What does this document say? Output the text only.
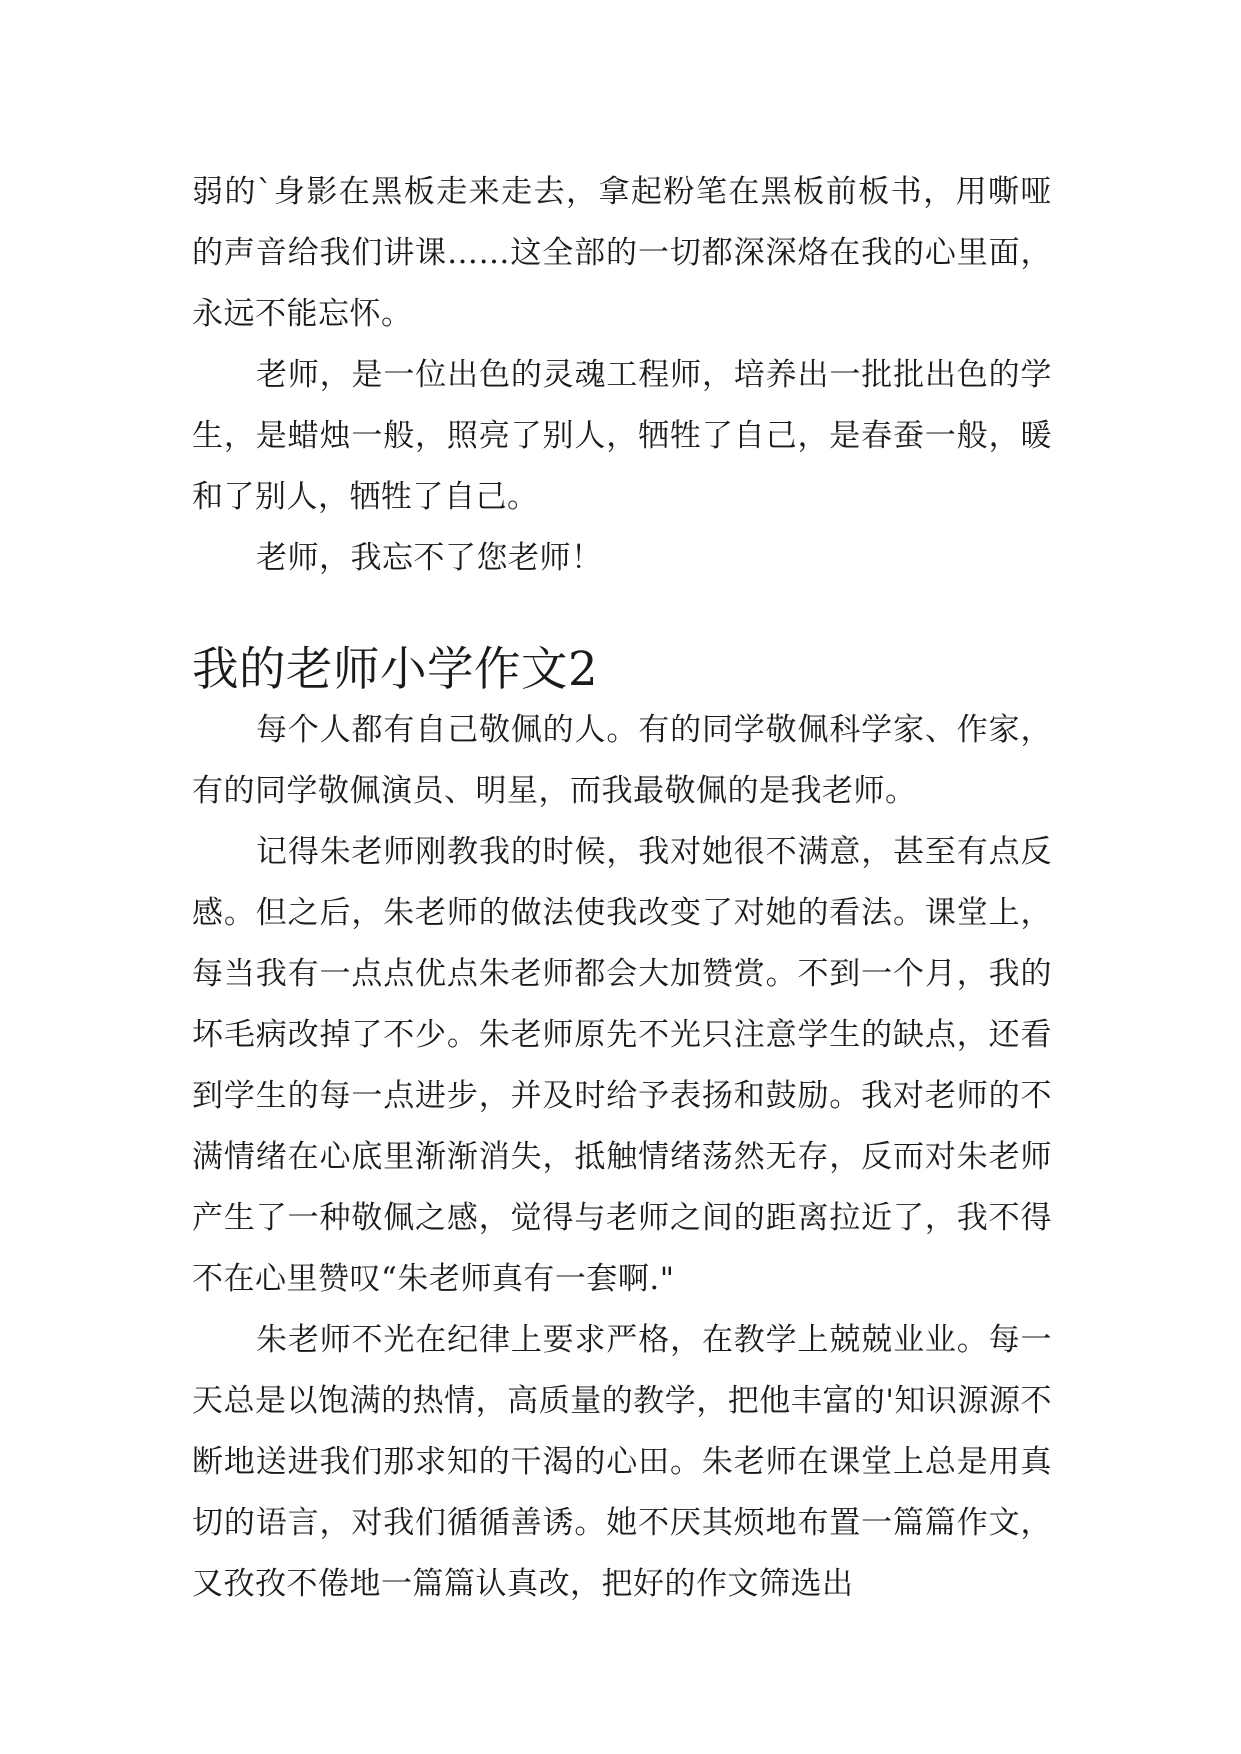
弱的`身影在黑板走来走去，拿起粉笔在黑板前板书，用嘶哑的声音给我们讲课……这全部的一切都深深烙在我的心里面，永远不能忘怀。

老师，是一位出色的灵魂工程师，培养出一批批出色的学生，是蜡烛一般，照亮了别人，牺牲了自己，是春蚕一般，暖和了别人，牺牲了自己。

老师，我忘不了您老师！

我的老师小学作文2

每个人都有自己敬佩的人。有的同学敬佩科学家、作家，有的同学敬佩演员、明星，而我最敬佩的是我老师。

记得朱老师刚教我的时候，我对她很不满意，甚至有点反感。但之后，朱老师的做法使我改变了对她的看法。课堂上，每当我有一点点优点朱老师都会大加赞赏。不到一个月，我的坏毛病改掉了不少。朱老师原先不光只注意学生的缺点，还看到学生的每一点进步，并及时给予表扬和鼓励。我对老师的不满情绪在心底里渐渐消失，抵触情绪荡然无存，反而对朱老师产生了一种敬佩之感，觉得与老师之间的距离拉近了，我不得不在心里赞叹“朱老师真有一套啊."

朱老师不光在纪律上要求严格，在教学上兢兢业业。每一天总是以饱满的热情，高质量的教学，把他丰富的'知识源源不断地送进我们那求知的干渴的心田。朱老师在课堂上总是用真切的语言，对我们循循善诱。她不厌其烦地布置一篇篇作文，又孜孜不倦地一篇篇认真改，把好的作文筛选出
